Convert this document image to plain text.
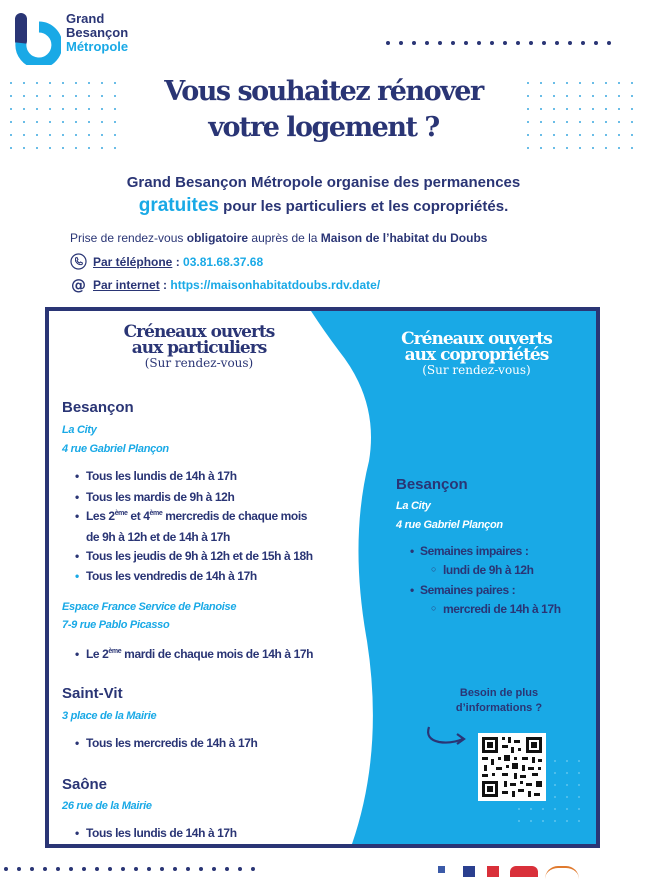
Grand
Besançon
Métropole
Vous souhaitez rénover
votre logement ?
Grand Besançon Métropole organise des permanences
gratuites pour les particuliers et les copropriétés.
Prise de rendez-vous obligatoire auprès de la Maison de l’habitat du Doubs
Par téléphone : 03.81.68.37.68
@ Par internet : https://maisonhabitatdoubs.rdv.date/
Créneaux ouverts
aux particuliers
(Sur rendez-vous)
Créneaux ouverts
aux copropriétés
(Sur rendez-vous)
Besançon
La City
4 rue Gabriel Plançon
• Tous les lundis de 14h à 17h
• Tous les mardis de 9h à 12h
• Les 2ème et 4ème mercredis de chaque mois
de 9h à 12h et de 14h à 17h
• Tous les jeudis de 9h à 12h et de 15h à 18h
• Tous les vendredis de 14h à 17h
Espace France Service de Planoise
7-9 rue Pablo Picasso
• Le 2ème mardi de chaque mois de 14h à 17h
Saint-Vit
3 place de la Mairie
• Tous les mercredis de 14h à 17h
Saône
26 rue de la Mairie
• Tous les lundis de 14h à 17h
Besançon
La City
4 rue Gabriel Plançon
• Semaines impaires :
○ lundi de 9h à 12h
• Semaines paires :
○ mercredi de 14h à 17h
Besoin de plus
d’informations ?
